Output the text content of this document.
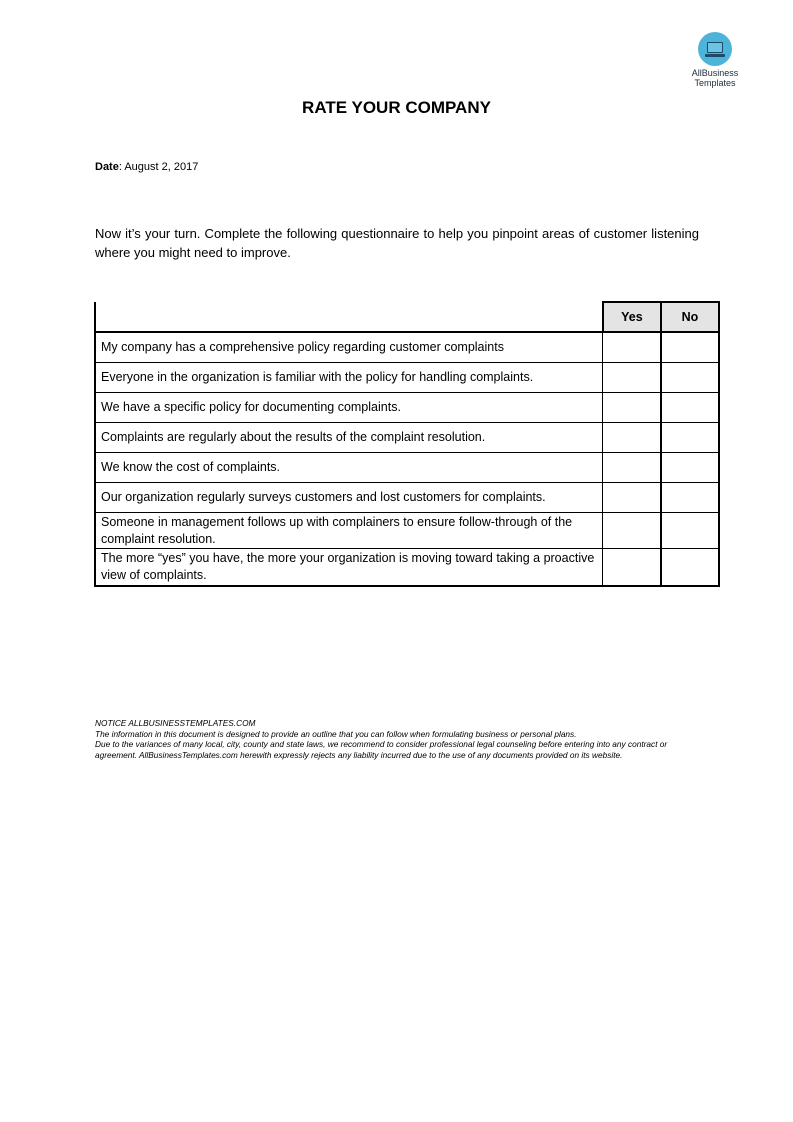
AllBusiness
Templates
RATE YOUR COMPANY
Date: August 2, 2017
Now it’s your turn. Complete the following questionnaire to help you pinpoint areas of customer listening where you might need to improve.
	Yes	No
My company has a comprehensive policy regarding customer complaints		
Everyone in the organization is familiar with the policy for handling complaints.		
We have a specific policy for documenting complaints.		
Complaints are regularly about the results of the complaint resolution.		
We know the cost of complaints.		
Our organization regularly surveys customers and lost customers for complaints.		
Someone in management follows up with complainers to ensure follow-through of the complaint resolution.		
The more “yes” you have, the more your organization is moving toward taking a proactive view of complaints.		
NOTICE ALLBUSINESSTEMPLATES.COM
The information in this document is designed to provide an outline that you can follow when formulating business or personal plans.
Due to the variances of many local, city, county and state laws, we recommend to consider professional legal counseling before entering into any contract or agreement. AllBusinessTemplates.com herewith expressly rejects any liability incurred due to the use of any documents provided on its website.
